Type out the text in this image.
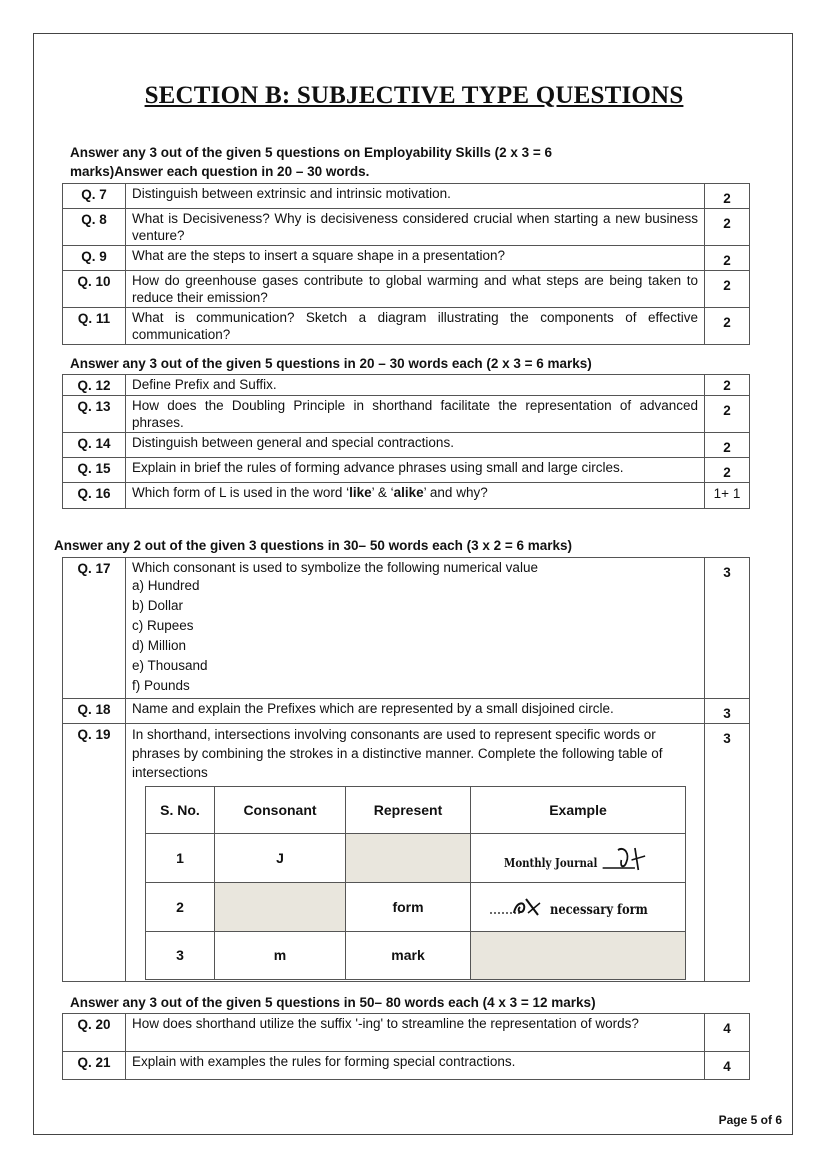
SECTION B: SUBJECTIVE TYPE QUESTIONS
Answer any 3 out of the given 5 questions on Employability Skills (2 x 3 = 6
marks)Answer each question in 20 – 30 words.
Q. 7	Distinguish between extrinsic and intrinsic motivation.	2
Q. 8	What is Decisiveness? Why is decisiveness considered crucial when starting a new business venture?	2
Q. 9	What are the steps to insert a square shape in a presentation?	2
Q. 10	How do greenhouse gases contribute to global warming and what steps are being taken to reduce their emission?	2
Q. 11	What is communication? Sketch a diagram illustrating the components of effective communication?	2
Answer any 3 out of the given 5 questions in 20 – 30 words each (2 x 3 = 6 marks)
Q. 12	Define Prefix and Suffix.	2
Q. 13	How does the Doubling Principle in shorthand facilitate the representation of advanced phrases.	2
Q. 14	Distinguish between general and special contractions.	2
Q. 15	Explain in brief the rules of forming advance phrases using small and large circles.	2
Q. 16	Which form of L is used in the word ‘like’ & ‘alike’ and why?	1+ 1
Answer any 2 out of the given 3 questions in 30– 50 words each (3 x 2 = 6 marks)
Q. 17	Which consonant is used to symbolize the following numerical value
a) Hundred
b) Dollar
c) Rupees
d) Million
e) Thousand
f) Pounds
	3
Q. 18	Name and explain the Prefixes which are represented by a small disjoined circle.	3
Q. 19	In shorthand, intersections involving consonants are used to represent specific words or phrases by combining the strokes in a distinctive manner. Complete the following table of intersections
S. No.	Consonant	Represent	Example
1	J		Monthly Journal

2		form	necessary form

3	m	mark	
	3
Answer any 3 out of the given 5 questions in 50– 80 words each (4 x 3 = 12 marks)
Q. 20	How does shorthand utilize the suffix '-ing' to streamline the representation of words?	4
Q. 21	Explain with examples the rules for forming special contractions.	4
Page 5 of 6
